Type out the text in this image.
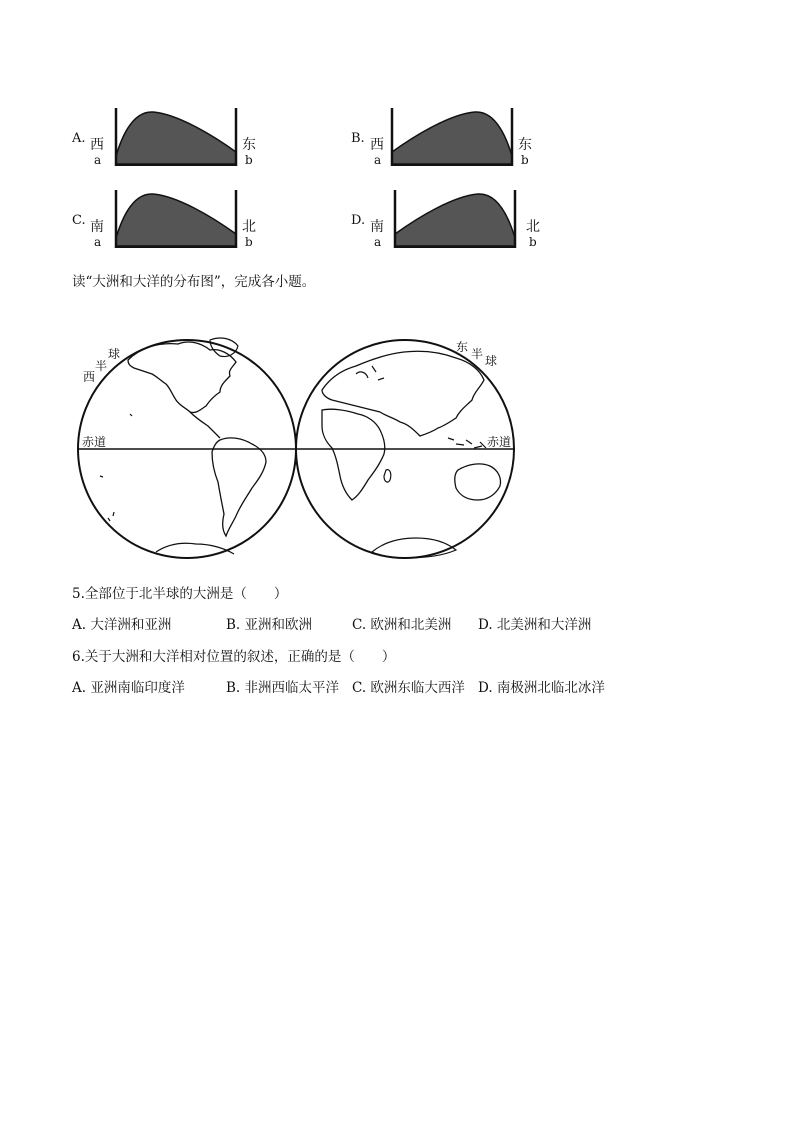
A. 西
a
东
b
B. 西
a
东
b
C. 南
a
北
b
D. 南
a
北
b
读“大洲和大洋的分布图”，完成各小题。
西
半
球	东 半 球
赤道	赤道
5.全部位于北半球的大洲是（　　）
A. 大洋洲和亚洲	B. 亚洲和欧洲	C. 欧洲和北美洲 D. 北美洲和大洋洲
6.关于大洲和大洋相对位置的叙述，正确的是（　　）
A. 亚洲南临印度洋	B. 非洲西临太平洋 C. 欧洲东临大西洋 D. 南极洲北临北冰洋
